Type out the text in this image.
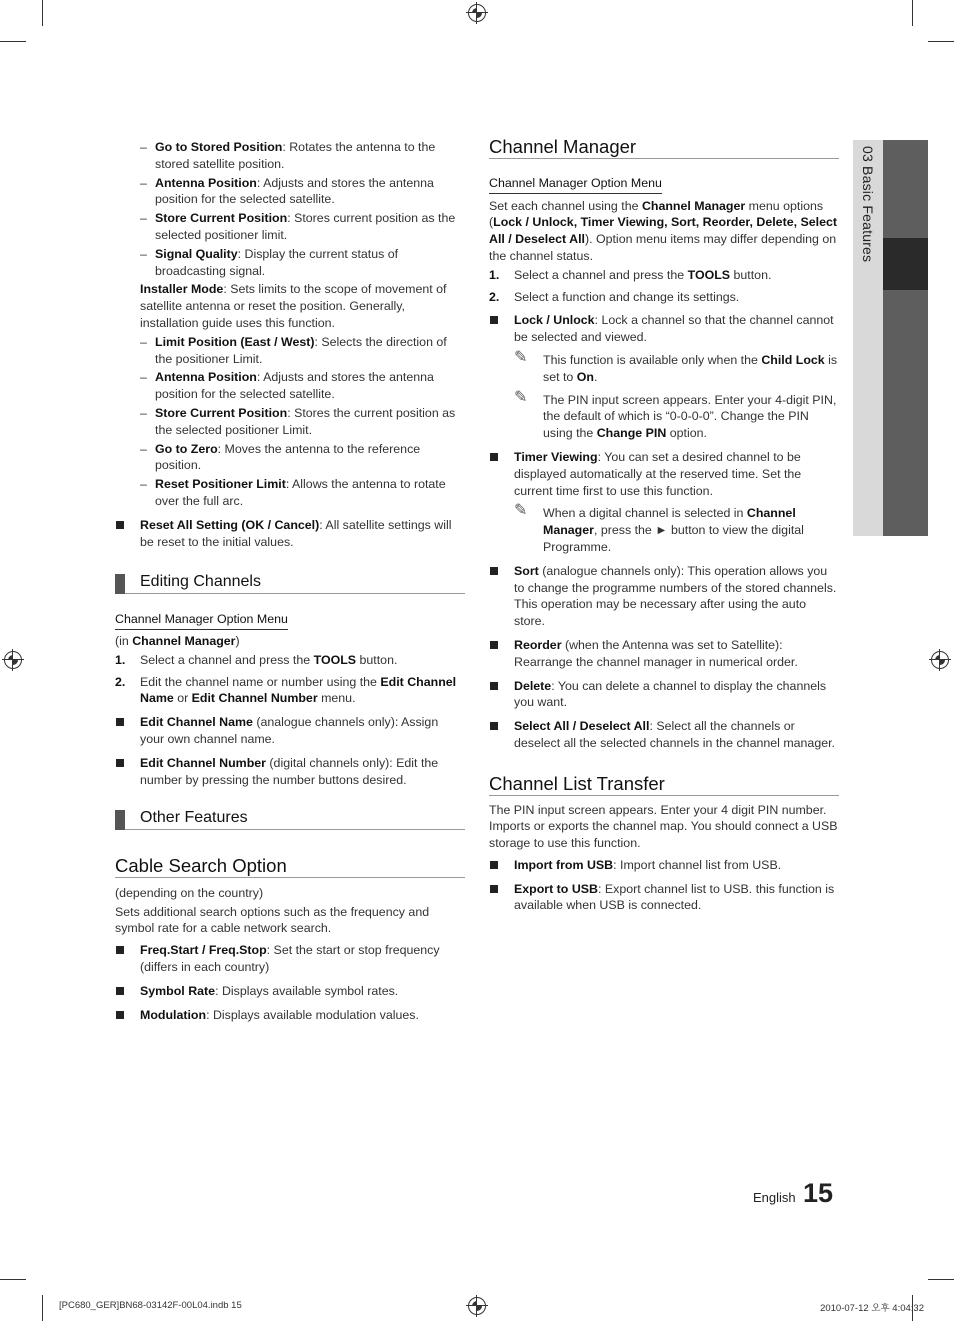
03 Basic Features
– Go to Stored Position: Rotates the antenna to the stored satellite position.
– Antenna Position: Adjusts and stores the antenna position for the selected satellite.
– Store Current Position: Stores current position as the selected positioner limit.
– Signal Quality: Display the current status of broadcasting signal.

Installer Mode: Sets limits to the scope of movement of satellite antenna or reset the position. Generally, installation guide uses this function.

– Limit Position (East / West): Selects the direction of the positioner Limit.
– Antenna Position: Adjusts and stores the antenna position for the selected satellite.
– Store Current Position: Stores the current position as the selected positioner Limit.
– Go to Zero: Moves the antenna to the reference position.
– Reset Positioner Limit: Allows the antenna to rotate over the full arc.
Reset All Setting (OK / Cancel): All satellite settings will be reset to the initial values.
Editing Channels

Channel Manager Option Menu

(in Channel Manager)

1. Select a channel and press the TOOLS button.
2. Edit the channel name or number using the Edit Channel Name or Edit Channel Number menu.
Edit Channel Name (analogue channels only): Assign your own channel name.
Edit Channel Number (digital channels only): Edit the number by pressing the number buttons desired.
Other Features
Cable Search Option

(depending on the country)

Sets additional search options such as the frequency and symbol rate for a cable network search.

Freq.Start / Freq.Stop: Set the start or stop frequency (differs in each country)
Symbol Rate: Displays available symbol rates.
Modulation: Displays available modulation values.
Channel Manager

Channel Manager Option Menu

Set each channel using the Channel Manager menu options (Lock / Unlock, Timer Viewing, Sort, Reorder, Delete, Select All / Deselect All). Option menu items may differ depending on the channel status.

1. Select a channel and press the TOOLS button.
2. Select a function and change its settings.
Lock / Unlock: Lock a channel so that the channel cannot be selected and viewed.
✎ This function is available only when the Child Lock is set to On.
✎ The PIN input screen appears. Enter your 4-digit PIN, the default of which is “0-0-0-0”. Change the PIN using the Change PIN option.
Timer Viewing: You can set a desired channel to be displayed automatically at the reserved time. Set the current time first to use this function.
✎ When a digital channel is selected in Channel Manager, press the ► button to view the digital Programme.
Sort (analogue channels only): This operation allows you to change the programme numbers of the stored channels. This operation may be necessary after using the auto store.
Reorder (when the Antenna was set to Satellite): Rearrange the channel manager in numerical order.
Delete: You can delete a channel to display the channels you want.
Select All / Deselect All: Select all the channels or deselect all the selected channels in the channel manager.
Channel List Transfer

The PIN input screen appears. Enter your 4 digit PIN number. Imports or exports the channel map. You should connect a USB storage to use this function.

Import from USB: Import channel list from USB.
Export to USB: Export channel list to USB. this function is available when USB is connected.
English 15
[PC680_GER]BN68-03142F-00L04.indb 15	2010-07-12 오후 4:04:32
